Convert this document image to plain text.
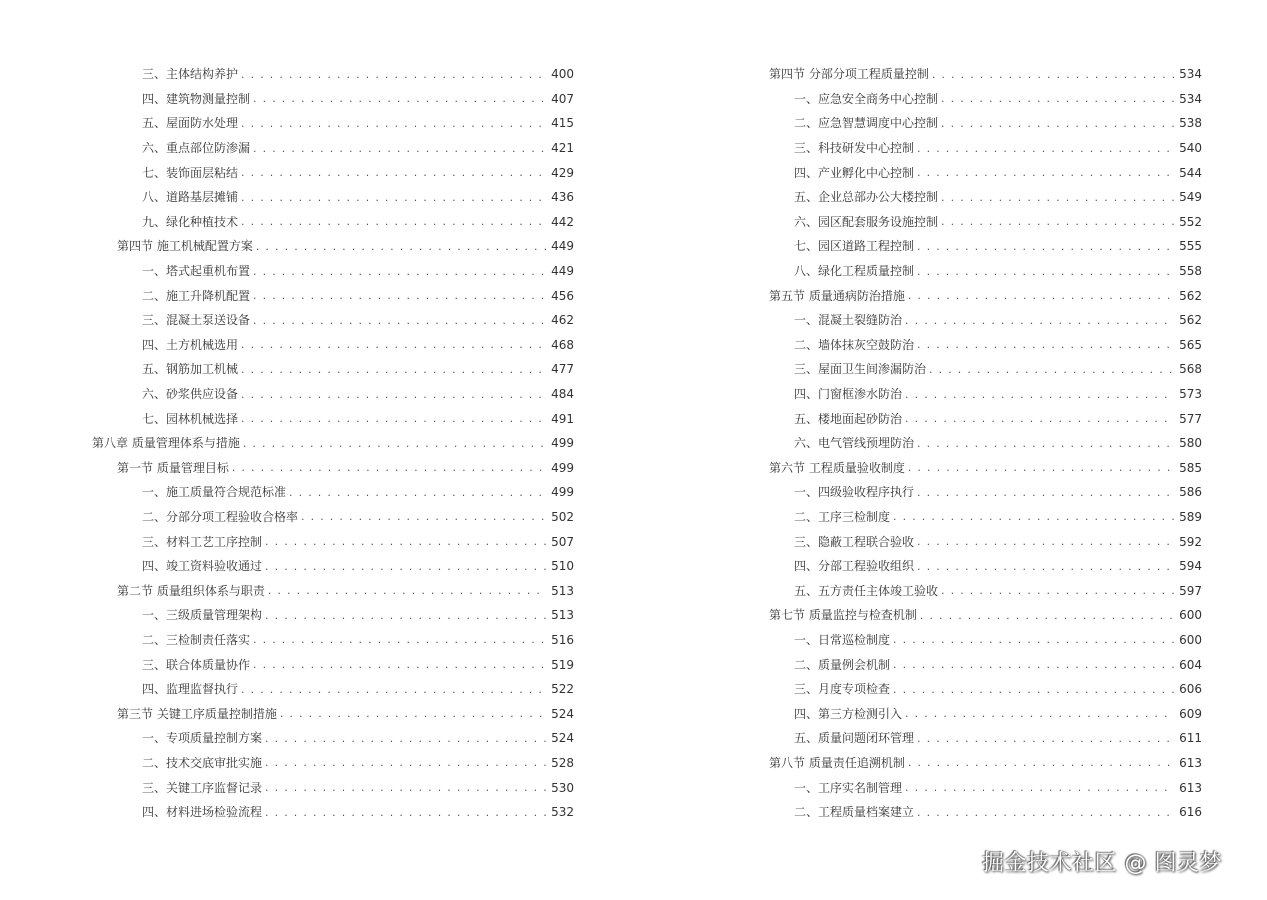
三、主体结构养护 . . .	400
四、建筑物测量控制 . . .	407
五、屋面防水处理 . . .	415
六、重点部位防渗漏 . . .	421
七、装饰面层粘结 . . .	429
八、道路基层摊铺 . . .	436
九、绿化种植技术 . . .	442
第四节 施工机械配置方案 . . .	449
一、塔式起重机布置 . . .	449
二、施工升降机配置 . . .	456
三、混凝土泵送设备 . . .	462
四、土方机械选用 . . .	468
五、钢筋加工机械 . . .	477
六、砂浆供应设备 . . .	484
七、园林机械选择 . . .	491
第八章 质量管理体系与措施 . . .	499
第一节 质量管理目标 . . .	499
一、施工质量符合规范标准 . . .	499
二、分部分项工程验收合格率 . . .	502
三、材料工艺工序控制 . . .	507
四、竣工资料验收通过 . . .	510
第二节 质量组织体系与职责 . . .	513
一、三级质量管理架构 . . .	513
二、三检制责任落实 . . .	516
三、联合体质量协作 . . .	519
四、监理监督执行 . . .	522
第三节 关键工序质量控制措施 . . .	524
一、专项质量控制方案 . . .	524
二、技术交底审批实施 . . .	528
三、关键工序监督记录 . . .	530
四、材料进场检验流程 . . .	532
第四节 分部分项工程质量控制 . . .	534
一、应急安全商务中心控制 . . .	534
二、应急智慧调度中心控制 . . .	538
三、科技研发中心控制 . . .	540
四、产业孵化中心控制 . . .	544
五、企业总部办公大楼控制 . . .	549
六、园区配套服务设施控制 . . .	552
七、园区道路工程控制 . . .	555
八、绿化工程质量控制 . . .	558
第五节 质量通病防治措施 . . .	562
一、混凝土裂缝防治 . . .	562
二、墙体抹灰空鼓防治 . . .	565
三、屋面卫生间渗漏防治 . . .	568
四、门窗框渗水防治 . . .	573
五、楼地面起砂防治 . . .	577
六、电气管线预埋防治 . . .	580
第六节 工程质量验收制度 . . .	585
一、四级验收程序执行 . . .	586
二、工序三检制度 . . .	589
三、隐蔽工程联合验收 . . .	592
四、分部工程验收组织 . . .	594
五、五方责任主体竣工验收 . . .	597
第七节 质量监控与检查机制 . . .	600
一、日常巡检制度 . . .	600
二、质量例会机制 . . .	604
三、月度专项检查 . . .	606
四、第三方检测引入 . . .	609
五、质量问题闭环管理 . . .	611
第八节 质量责任追溯机制 . . .	613
一、工序实名制管理 . . .	613
二、工程质量档案建立 . . .	616
掘金技术社区 @ 图灵梦
